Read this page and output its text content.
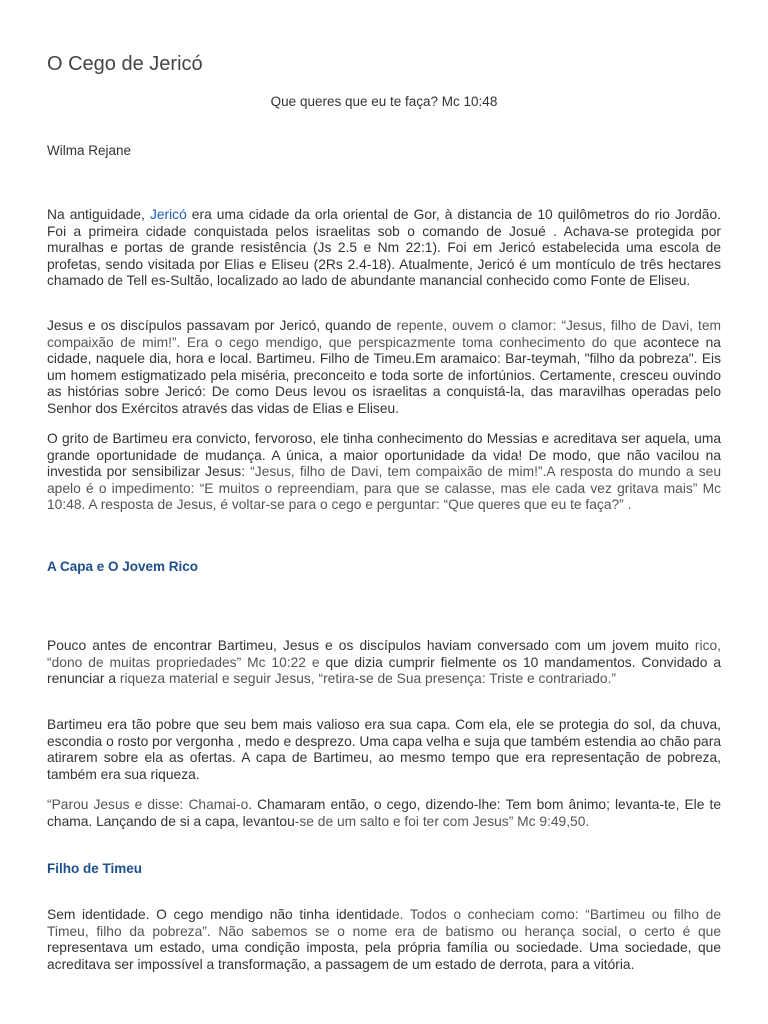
O Cego de Jericó
Que queres que eu te faça? Mc 10:48
Wilma Rejane

Na antiguidade, Jericó era uma cidade da orla oriental de Gor, à distancia de 10 quilômetros do rio Jordão. Foi a primeira cidade conquistada pelos israelitas sob o comando de Josué . Achava-se protegida por muralhas e portas de grande resistência (Js 2.5 e Nm 22:1). Foi em Jericó estabelecida uma escola de profetas, sendo visitada por Elias e Eliseu (2Rs 2.4-18). Atualmente, Jericó é um montículo de três hectares chamado de Tell es-Sultão, localizado ao lado de abundante manancial conhecido como Fonte de Eliseu.

Jesus e os discípulos passavam por Jericó, quando de repente, ouvem o clamor: “Jesus, filho de Davi, tem compaixão de mim!”. Era o cego mendigo, que perspicazmente toma conhecimento do que acontece na cidade, naquele dia, hora e local. Bartimeu. Filho de Timeu.Em aramaico: Bar-teymah, "filho da pobreza". Eis um homem estigmatizado pela miséria, preconceito e toda sorte de infortúnios. Certamente, cresceu ouvindo as histórias sobre Jericó: De como Deus levou os israelitas a conquistá-la, das maravilhas operadas pelo Senhor dos Exércitos através das vidas de Elias e Eliseu.

O grito de Bartimeu era convicto, fervoroso, ele tinha conhecimento do Messias e acreditava ser aquela, uma grande oportunidade de mudança. A única, a maior oportunidade da vida! De modo, que não vacilou na investida por sensibilizar Jesus: “Jesus, filho de Davi, tem compaixão de mim!”.A resposta do mundo a seu apelo é o impedimento: “E muitos o repreendiam, para que se calasse, mas ele cada vez gritava mais” Mc 10:48. A resposta de Jesus, é voltar-se para o cego e perguntar: “Que queres que eu te faça?” .

A Capa e O Jovem Rico

Pouco antes de encontrar Bartimeu, Jesus e os discípulos haviam conversado com um jovem muito rico, “dono de muitas propriedades” Mc 10:22 e que dizia cumprir fielmente os 10 mandamentos. Convidado a renunciar a riqueza material e seguir Jesus, “retira-se de Sua presença: Triste e contrariado.”

Bartimeu era tão pobre que seu bem mais valioso era sua capa. Com ela, ele se protegia do sol, da chuva, escondia o rosto por vergonha , medo e desprezo. Uma capa velha e suja que também estendia ao chão para atirarem sobre ela as ofertas. A capa de Bartimeu, ao mesmo tempo que era representação de pobreza, também era sua riqueza.

“Parou Jesus e disse: Chamai-o. Chamaram então, o cego, dizendo-lhe: Tem bom ânimo; levanta-te, Ele te chama. Lançando de si a capa, levantou-se de um salto e foi ter com Jesus” Mc 9:49,50.

Filho de Timeu

Sem identidade. O cego mendigo não tinha identidade. Todos o conheciam como: “Bartimeu ou filho de Timeu, filho da pobreza”. Não sabemos se o nome era de batismo ou herança social, o certo é que representava um estado, uma condição imposta, pela própria família ou sociedade. Uma sociedade, que acreditava ser impossível a transformação, a passagem de um estado de derrota, para a vitória.
